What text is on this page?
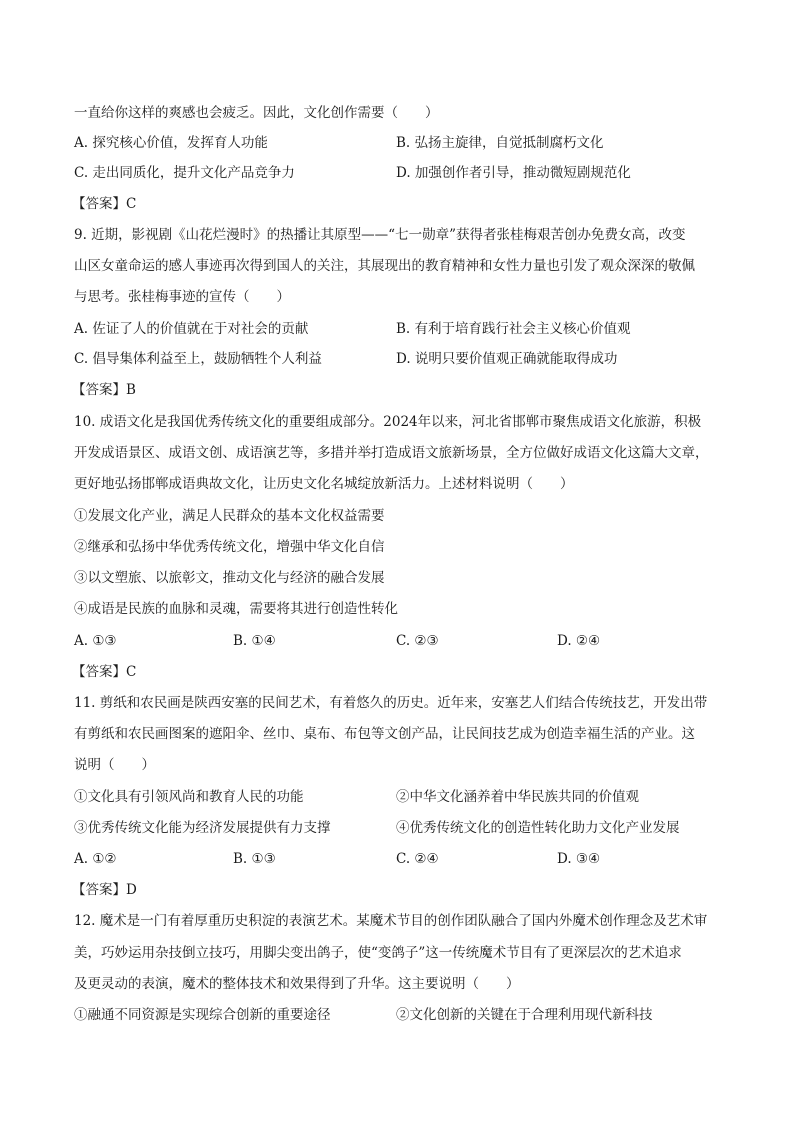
一直给你这样的爽感也会疲乏。因此，文化创作需要（　　）
A. 探究核心价值，发挥育人功能	B. 弘扬主旋律，自觉抵制腐朽文化
C. 走出同质化，提升文化产品竞争力	D. 加强创作者引导，推动微短剧规范化
【答案】C
9. 近期，影视剧《山花烂漫时》的热播让其原型——“七一勋章”获得者张桂梅艰苦创办免费女高，改变
山区女童命运的感人事迹再次得到国人的关注，其展现出的教育精神和女性力量也引发了观众深深的敬佩
与思考。张桂梅事迹的宣传（　　）
A. 佐证了人的价值就在于对社会的贡献	B. 有利于培育践行社会主义核心价值观
C. 倡导集体利益至上，鼓励牺牲个人利益	D. 说明只要价值观正确就能取得成功
【答案】B
10. 成语文化是我国优秀传统文化的重要组成部分。2024年以来，河北省邯郸市聚焦成语文化旅游，积极
开发成语景区、成语文创、成语演艺等，多措并举打造成语文旅新场景，全方位做好成语文化这篇大文章，
更好地弘扬邯郸成语典故文化，让历史文化名城绽放新活力。上述材料说明（　　）
①发展文化产业，满足人民群众的基本文化权益需要
②继承和弘扬中华优秀传统文化，增强中华文化自信
③以文塑旅、以旅彰文，推动文化与经济的融合发展
④成语是民族的血脉和灵魂，需要将其进行创造性转化
A. ①③	B. ①④	C. ②③	D. ②④
【答案】C
11. 剪纸和农民画是陕西安塞的民间艺术，有着悠久的历史。近年来，安塞艺人们结合传统技艺，开发出带
有剪纸和农民画图案的遮阳伞、丝巾、桌布、布包等文创产品，让民间技艺成为创造幸福生活的产业。这
说明（　　）
①文化具有引领风尚和教育人民的功能	②中华文化涵养着中华民族共同的价值观
③优秀传统文化能为经济发展提供有力支撑	④优秀传统文化的创造性转化助力文化产业发展
A. ①②	B. ①③	C. ②④	D. ③④
【答案】D
12. 魔术是一门有着厚重历史积淀的表演艺术。某魔术节目的创作团队融合了国内外魔术创作理念及艺术审
美，巧妙运用杂技倒立技巧，用脚尖变出鸽子，使“变鸽子”这一传统魔术节目有了更深层次的艺术追求
及更灵动的表演，魔术的整体技术和效果得到了升华。这主要说明（　　）
①融通不同资源是实现综合创新的重要途径	②文化创新的关键在于合理利用现代新科技
